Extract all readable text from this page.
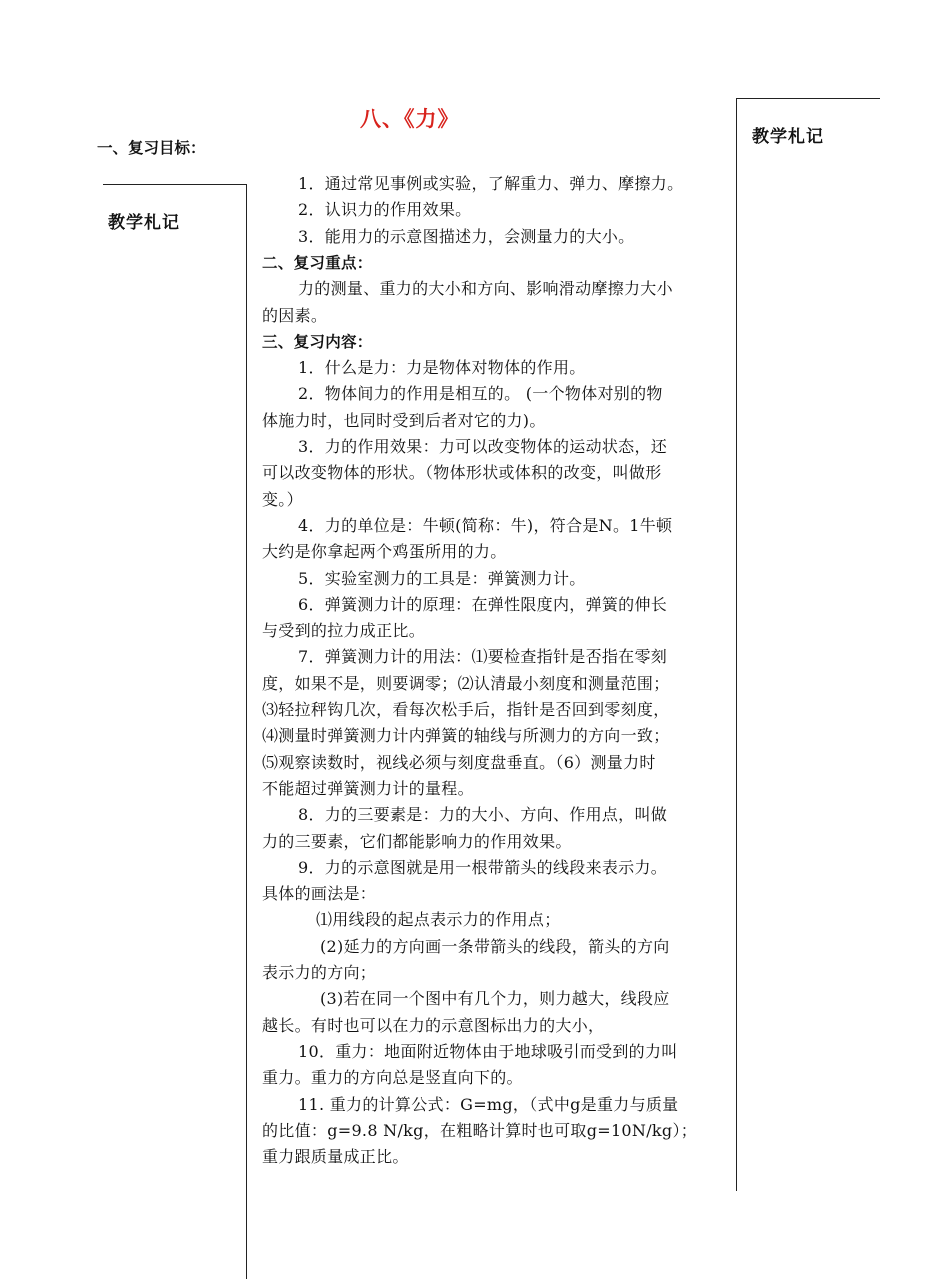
八、《力》
一、复习目标：
教学札记
教学札记
1．通过常见事例或实验，了解重力、弹力、摩擦力。
2．认识力的作用效果。
3．能用力的示意图描述力，会测量力的大小。
二、复习重点：
力的测量、重力的大小和方向、影响滑动摩擦力大小
的因素。
三、复习内容：
1．什么是力：力是物体对物体的作用。
2．物体间力的作用是相互的。 (一个物体对别的物
体施力时，也同时受到后者对它的力)。
3．力的作用效果：力可以改变物体的运动状态，还
可以改变物体的形状。（物体形状或体积的改变，叫做形
变。）
4．力的单位是：牛顿(简称：牛)，符合是N。1牛顿
大约是你拿起两个鸡蛋所用的力。
5．实验室测力的工具是：弹簧测力计。
6．弹簧测力计的原理：在弹性限度内，弹簧的伸长
与受到的拉力成正比。
7．弹簧测力计的用法：⑴要检查指针是否指在零刻
度，如果不是，则要调零；⑵认清最小刻度和测量范围；
⑶轻拉秤钩几次，看每次松手后，指针是否回到零刻度，
⑷测量时弹簧测力计内弹簧的轴线与所测力的方向一致；
⑸观察读数时，视线必须与刻度盘垂直。（6）测量力时
不能超过弹簧测力计的量程。
8．力的三要素是：力的大小、方向、作用点，叫做
力的三要素，它们都能影响力的作用效果。
9．力的示意图就是用一根带箭头的线段来表示力。
具体的画法是：
⑴用线段的起点表示力的作用点；
(2)延力的方向画一条带箭头的线段，箭头的方向
表示力的方向；
(3)若在同一个图中有几个力，则力越大，线段应
越长。有时也可以在力的示意图标出力的大小，
10．重力：地面附近物体由于地球吸引而受到的力叫
重力。重力的方向总是竖直向下的。
11. 重力的计算公式：G=mg，（式中g是重力与质量
的比值：g=9.8 N/kg，在粗略计算时也可取g=10N/kg）；
重力跟质量成正比。
